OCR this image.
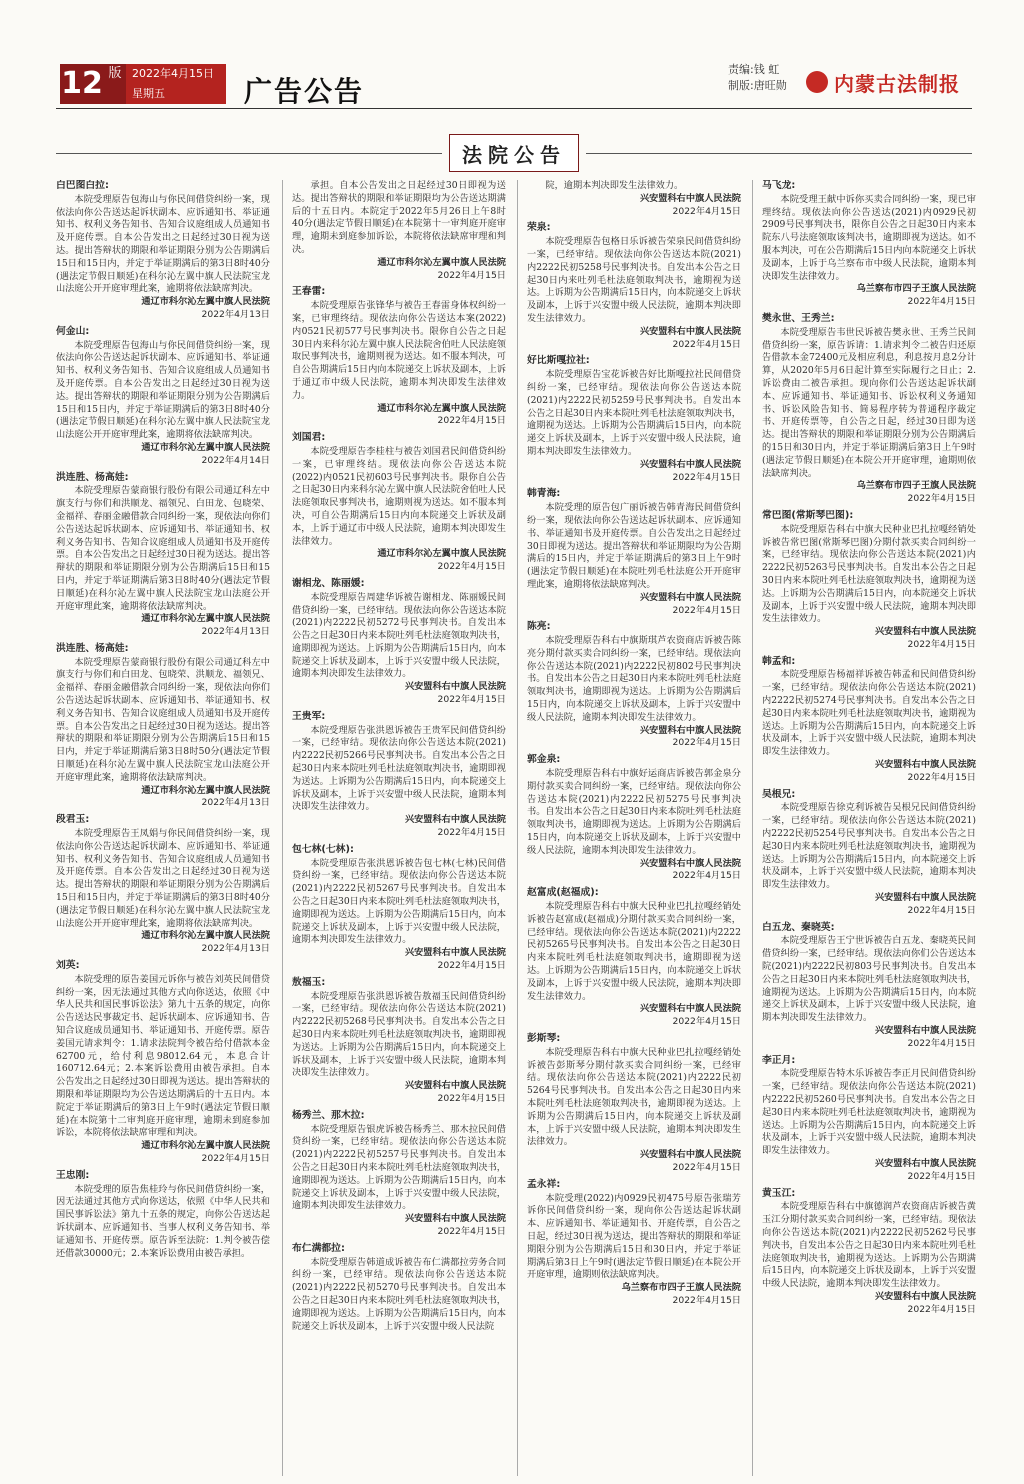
12 版 2022年4月15日
星期五	广告公告
责编:钱 虹
制版:唐旺勋 内蒙古法制报
法院公告
白巴图白拉:
本院受理原告包海山与你民间借贷纠纷一案，现依法向你公告送达起诉状副本、应诉通知书、举证通知书、权利义务告知书、告知合议庭组成人员通知书及开庭传票。自本公告发出之日起经过30日视为送达。提出答辩状的期限和举证期限分别为公告期满后15日和15日内，并定于举证期满后的第3日8时40分(遇法定节假日顺延)在科尔沁左翼中旗人民法院宝龙山法庭公开开庭审理此案，逾期将依法缺席判决。
通辽市科尔沁左翼中旗人民法院
2022年4月13日
何金山:
本院受理原告包海山与你民间借贷纠纷一案，现依法向你公告送达起诉状副本、应诉通知书、举证通知书、权利义务告知书、告知合议庭组成人员通知书及开庭传票。自本公告发出之日起经过30日视为送达。提出答辩状的期限和举证期限分别为公告期满后15日和15日内，并定于举证期满后的第3日8时40分(遇法定节假日顺延)在科尔沁左翼中旗人民法院宝龙山法庭公开开庭审理此案，逾期将依法缺席判决。
通辽市科尔沁左翼中旗人民法院
2022年4月14日
洪连胜、杨高娃:
本院受理原告蒙商银行股份有限公司通辽科左中旗支行与你们和洪顺龙、福领兄、白田龙、包晓荣、金福祥、春丽金融借款合同纠纷一案，现依法向你们公告送达起诉状副本、应诉通知书、举证通知书、权利义务告知书、告知合议庭组成人员通知书及开庭传票。自本公告发出之日起经过30日视为送达。提出答辩状的期限和举证期限分别为公告期满后15日和15日内，并定于举证期满后第3日8时40分(遇法定节假日顺延)在科尔沁左翼中旗人民法院宝龙山法庭公开开庭审理此案，逾期将依法缺席判决。
通辽市科尔沁左翼中旗人民法院
2022年4月13日
洪连胜、杨高娃:
本院受理原告蒙商银行股份有限公司通辽科左中旗支行与你们和白田龙、包晓荣、洪顺龙、福领兄、金福祥、春丽金融借款合同纠纷一案，现依法向你们公告送达起诉状副本、应诉通知书、举证通知书、权利义务告知书、告知合议庭组成人员通知书及开庭传票。自本公告发出之日起经过30日视为送达。提出答辩状的期限和举证期限分别为公告期满后15日和15日内，并定于举证期满后第3日8时50分(遇法定节假日顺延)在科尔沁左翼中旗人民法院宝龙山法庭公开开庭审理此案，逾期将依法缺席判决。
通辽市科尔沁左翼中旗人民法院
2022年4月13日
段君玉:
本院受理原告王凤娟与你民间借贷纠纷一案，现依法向你公告送达起诉状副本、应诉通知书、举证通知书、权利义务告知书、告知合议庭组成人员通知书及开庭传票。自本公告发出之日起经过30日视为送达。提出答辩状的期限和举证期限分别为公告期满后15日和15日内，并定于举证期满后的第3日8时40分(遇法定节假日顺延)在科尔沁左翼中旗人民法院宝龙山法庭公开开庭审理此案，逾期将依法缺席判决。
通辽市科尔沁左翼中旗人民法院
2022年4月13日
刘英:
本院受理的原告姜国元诉你与被告刘英民间借贷纠纷一案，因无法通过其他方式向你送达，依照《中华人民共和国民事诉讼法》第九十五条的规定，向你公告送达民事裁定书、起诉状副本、应诉通知书、告知合议庭成员通知书、举证通知书、开庭传票。原告姜国元请求判令：1.请求法院判令被告给付借款本金62700元，给付利息98012.64元，本息合计160712.64元；2.本案诉讼费用由被告承担。自本公告发出之日起经过30日即视为送达。提出答辩状的期限和举证期限均为公告送达期满后的十五日内。本院定于举证期满后的第3日上午9时(遇法定节假日顺延)在本院第十二审判庭开庭审理，逾期未到庭参加诉讼，本院将依法缺席审理和判决。
通辽市科尔沁左翼中旗人民法院
2022年4月15日
王忠刚:
本院受理的原告焦桂玲与你民间借贷纠纷一案，因无法通过其他方式向你送达，依照《中华人民共和国民事诉讼法》第九十五条的规定，向你公告送达起诉状副本、应诉通知书、当事人权利义务告知书、举证通知书、开庭传票。原告诉至法院：1.判令被告偿还借款30000元；2.本案诉讼费用由被告承担。
承担。自本公告发出之日起经过30日即视为送达。提出答辩状的期限和举证期限均为公告送达期满后的十五日内。本院定于2022年5月26日上午8时40分(遇法定节假日顺延)在本院第十一审判庭开庭审理，逾期未到庭参加诉讼，本院将依法缺席审理和判决。
通辽市科尔沁左翼中旗人民法院
2022年4月15日
王春雷:
本院受理原告张锋华与被告王春雷身体权纠纷一案，已审理终结。现依法向你公告送达本案(2022)内0521民初577号民事判决书。限你自公告之日起30日内来科尔沁左翼中旗人民法院舍伯吐人民法庭领取民事判决书，逾期则视为送达。如不服本判决，可自公告期满后15日内向本院递交上诉状及副本，上诉于通辽市中级人民法院，逾期本判决即发生法律效力。
通辽市科尔沁左翼中旗人民法院
2022年4月15日
刘国君:
本院受理原告李桂柱与被告刘国君民间借贷纠纷一案，已审理终结。现依法向你公告送达本院(2022)内0521民初603号民事判决书。限你自公告之日起30日内来科尔沁左翼中旗人民法院舍伯吐人民法庭领取民事判决书，逾期则视为送达。如不服本判决，可自公告期满后15日内向本院递交上诉状及副本，上诉于通辽市中级人民法院，逾期本判决即发生法律效力。
通辽市科尔沁左翼中旗人民法院
2022年4月15日
谢相龙、陈丽媛:
本院受理原告周建华诉被告谢相龙、陈丽媛民间借贷纠纷一案，已经审结。现依法向你公告送达本院(2021)内2222民初5272号民事判决书。自发出本公告之日起30日内来本院吐列毛杜法庭领取判决书，逾期即视为送达。上诉期为公告期满后15日内，向本院递交上诉状及副本，上诉于兴安盟中级人民法院，逾期本判决即发生法律效力。
兴安盟科右中旗人民法院
2022年4月15日
王贵军:
本院受理原告张洪恩诉被告王贵军民间借贷纠纷一案，已经审结。现依法向你公告送达本院(2021)内2222民初5266号民事判决书。自发出本公告之日起30日内来本院吐列毛杜法庭领取判决书，逾期即视为送达。上诉期为公告期满后15日内，向本院递交上诉状及副本，上诉于兴安盟中级人民法院，逾期本判决即发生法律效力。
兴安盟科右中旗人民法院
2022年4月15日
包七林(七林):
本院受理原告张洪恩诉被告包七林(七林)民间借贷纠纷一案，已经审结。现依法向你公告送达本院(2021)内2222民初5267号民事判决书。自发出本公告之日起30日内来本院吐列毛杜法庭领取判决书，逾期即视为送达。上诉期为公告期满后15日内，向本院递交上诉状及副本，上诉于兴安盟中级人民法院，逾期本判决即发生法律效力。
兴安盟科右中旗人民法院
2022年4月15日
敖福玉:
本院受理原告张洪恩诉被告敖福玉民间借贷纠纷一案，已经审结。现依法向你公告送达本院(2021)内2222民初5268号民事判决书。自发出本公告之日起30日内来本院吐列毛杜法庭领取判决书，逾期即视为送达。上诉期为公告期满后15日内，向本院递交上诉状及副本，上诉于兴安盟中级人民法院，逾期本判决即发生法律效力。
兴安盟科右中旗人民法院
2022年4月15日
杨秀兰、那木拉:
本院受理原告银虎诉被告杨秀兰、那木拉民间借贷纠纷一案，已经审结。现依法向你公告送达本院(2021)内2222民初5257号民事判决书。自发出本公告之日起30日内来本院吐列毛杜法庭领取判决书，逾期即视为送达。上诉期为公告期满后15日内，向本院递交上诉状及副本，上诉于兴安盟中级人民法院，逾期本判决即发生法律效力。
兴安盟科右中旗人民法院
2022年4月15日
布仁满都拉:
本院受理原告韩道成诉被告布仁满都拉劳务合同纠纷一案，已经审结。现依法向你公告送达本院(2021)内2222民初5270号民事判决书。自发出本公告之日起30日内来本院吐列毛杜法庭领取判决书，逾期即视为送达。上诉期为公告期满后15日内，向本院递交上诉状及副本，上诉于兴安盟中级人民法院
院，逾期本判决即发生法律效力。
兴安盟科右中旗人民法院
2022年4月15日
荣泉:
本院受理原告包格日乐诉被告荣泉民间借贷纠纷一案，已经审结。现依法向你公告送达本院(2021)内2222民初5258号民事判决书。自发出本公告之日起30日内来吐列毛杜法庭领取判决书，逾期视为送达。上诉期为公告期满后15日内，向本院递交上诉状及副本，上诉于兴安盟中级人民法院，逾期本判决即发生法律效力。
兴安盟科右中旗人民法院
2022年4月15日
好比斯嘎拉社:
本院受理原告宝花诉被告好比斯嘎拉社民间借贷纠纷一案，已经审结。现依法向你公告送达本院(2021)内2222民初5259号民事判决书。自发出本公告之日起30日内来本院吐列毛杜法庭领取判决书，逾期视为送达。上诉期为公告期满后15日内，向本院递交上诉状及副本，上诉于兴安盟中级人民法院，逾期本判决即发生法律效力。
兴安盟科右中旗人民法院
2022年4月15日
韩青海:
本院受理的原告包广丽诉被告韩青海民间借贷纠纷一案，现依法向你公告送达起诉状副本、应诉通知书、举证通知书及开庭传票。自公告发出之日起经过30日即视为送达。提出答辩状和举证期限均为公告期满后的15日内，并定于举证期满后的第3日上午9时(遇法定节假日顺延)在本院吐列毛杜法庭公开开庭审理此案，逾期将依法缺席判决。
兴安盟科右中旗人民法院
2022年4月15日
陈亮:
本院受理原告科右中旗斯琪芦农资商店诉被告陈亮分期付款买卖合同纠纷一案，已经审结。现依法向你公告送达本院(2021)内2222民初802号民事判决书。自发出本公告之日起30日内来本院吐列毛杜法庭领取判决书，逾期即视为送达。上诉期为公告期满后15日内，向本院递交上诉状及副本，上诉于兴安盟中级人民法院，逾期本判决即发生法律效力。
兴安盟科右中旗人民法院
2022年4月15日
郭金泉:
本院受理原告科右中旗好运商店诉被告郭金泉分期付款买卖合同纠纷一案，已经审结。现依法向你公告送达本院(2021)内2222民初5275号民事判决书。自发出本公告之日起30日内来本院吐列毛杜法庭领取判决书，逾期即视为送达。上诉期为公告期满后15日内，向本院递交上诉状及副本，上诉于兴安盟中级人民法院，逾期本判决即发生法律效力。
兴安盟科右中旗人民法院
2022年4月15日
赵富成(赵福成):
本院受理原告科右中旗大民种业巴扎拉嘎经销处诉被告赵富成(赵福成)分期付款买卖合同纠纷一案，已经审结。现依法向你公告送达本院(2021)内2222民初5265号民事判决书。自发出本公告之日起30日内来本院吐列毛杜法庭领取判决书，逾期即视为送达。上诉期为公告期满后15日内，向本院递交上诉状及副本，上诉于兴安盟中级人民法院，逾期本判决即发生法律效力。
兴安盟科右中旗人民法院
2022年4月15日
彭斯琴:
本院受理原告科右中旗大民种业巴扎拉嘎经销处诉被告彭斯琴分期付款买卖合同纠纷一案，已经审结。现依法向你公告送达本院(2021)内2222民初5264号民事判决书。自发出本公告之日起30日内来本院吐列毛杜法庭领取判决书，逾期即视为送达。上诉期为公告期满后15日内，向本院递交上诉状及副本，上诉于兴安盟中级人民法院，逾期本判决即发生法律效力。
兴安盟科右中旗人民法院
2022年4月15日
孟永祥:
本院受理(2022)内0929民初475号原告张瑞芳诉你民间借贷纠纷一案，现向你公告送达起诉状副本、应诉通知书、举证通知书、开庭传票，自公告之日起，经过30日视为送达，提出答辩状的期限和举证期限分别为公告期满后15日和30日内，并定于举证期满后第3日上午9时(遇法定节假日顺延)在本院公开开庭审理，逾期则依法缺席判决。
乌兰察布市四子王旗人民法院
2022年4月15日
马飞龙:
本院受理王献中诉你买卖合同纠纷一案，现已审理终结。现依法向你公告送达(2021)内0929民初2909号民事判决书，限你自公告之日起30日内来本院东八号法庭领取该判决书，逾期即视为送达。如不服本判决，可在公告期满后15日内向本院递交上诉状及副本，上诉于乌兰察布市中级人民法院，逾期本判决即发生法律效力。
乌兰察布市四子王旗人民法院
2022年4月15日
樊永世、王秀兰:
本院受理原告韦世民诉被告樊永世、王秀兰民间借贷纠纷一案，原告诉请：1.请求判令二被告归还原告借款本金72400元及相应利息，利息按月息2分计算，从2020年5月6日起计算至实际履行之日止；2.诉讼费由二被告承担。现向你们公告送达起诉状副本、应诉通知书、举证通知书、诉讼权利义务通知书、诉讼风险告知书、简易程序转为普通程序裁定书、开庭传票等，自公告之日起，经过30日即为送达。提出答辩状的期限和举证期限分别为公告期满后的15日和30日内，并定于举证期满后第3日上午9时(遇法定节假日顺延)在本院公开开庭审理，逾期则依法缺席判决。
乌兰察布市四子王旗人民法院
2022年4月15日
常巴图(常斯琴巴图):
本院受理原告科右中旗大民种业巴扎拉嘎经销处诉被告常巴图(常斯琴巴图)分期付款买卖合同纠纷一案，已经审结。现依法向你公告送达本院(2021)内2222民初5263号民事判决书。自发出本公告之日起30日内来本院吐列毛杜法庭领取判决书，逾期视为送达。上诉期为公告期满后15日内，向本院递交上诉状及副本，上诉于兴安盟中级人民法院，逾期本判决即发生法律效力。
兴安盟科右中旗人民法院
2022年4月15日
韩孟和:
本院受理原告杨福祥诉被告韩孟和民间借贷纠纷一案，已经审结。现依法向你公告送达本院(2021)内2222民初5274号民事判决书。自发出本公告之日起30日内来本院吐列毛杜法庭领取判决书，逾期视为送达。上诉期为公告期满后15日内，向本院递交上诉状及副本，上诉于兴安盟中级人民法院，逾期本判决即发生法律效力。
兴安盟科右中旗人民法院
2022年4月15日
吴根兄:
本院受理原告徐克利诉被告吴根兄民间借贷纠纷一案，已经审结。现依法向你公告送达本院(2021)内2222民初5254号民事判决书。自发出本公告之日起30日内来本院吐列毛杜法庭领取判决书，逾期视为送达。上诉期为公告期满后15日内，向本院递交上诉状及副本，上诉于兴安盟中级人民法院，逾期本判决即发生法律效力。
兴安盟科右中旗人民法院
2022年4月15日
白五龙、秦晓英:
本院受理原告王宁世诉被告白五龙、秦晓英民间借贷纠纷一案，已经审结。现依法向你们公告送达本院(2021)内2222民初803号民事判决书。自发出本公告之日起30日内来本院吐列毛杜法庭领取判决书，逾期视为送达。上诉期为公告期满后15日内，向本院递交上诉状及副本，上诉于兴安盟中级人民法院，逾期本判决即发生法律效力。
兴安盟科右中旗人民法院
2022年4月15日
李正月:
本院受理原告特木乐诉被告李正月民间借贷纠纷一案，已经审结。现依法向你公告送达本院(2021)内2222民初5260号民事判决书。自发出本公告之日起30日内来本院吐列毛杜法庭领取判决书，逾期视为送达。上诉期为公告期满后15日内，向本院递交上诉状及副本，上诉于兴安盟中级人民法院，逾期本判决即发生法律效力。
兴安盟科右中旗人民法院
2022年4月15日
黄玉江:
本院受理原告科右中旗德润芦农资商店诉被告黄玉江分期付款买卖合同纠纷一案，已经审结。现依法向你公告送达本院(2021)内2222民初5262号民事判决书，自发出本公告之日起30日内来本院吐列毛杜法庭领取判决书，逾期视为送达。上诉期为公告期满后15日内，向本院递交上诉状及副本，上诉于兴安盟中级人民法院，逾期本判决即发生法律效力。
兴安盟科右中旗人民法院
2022年4月15日
